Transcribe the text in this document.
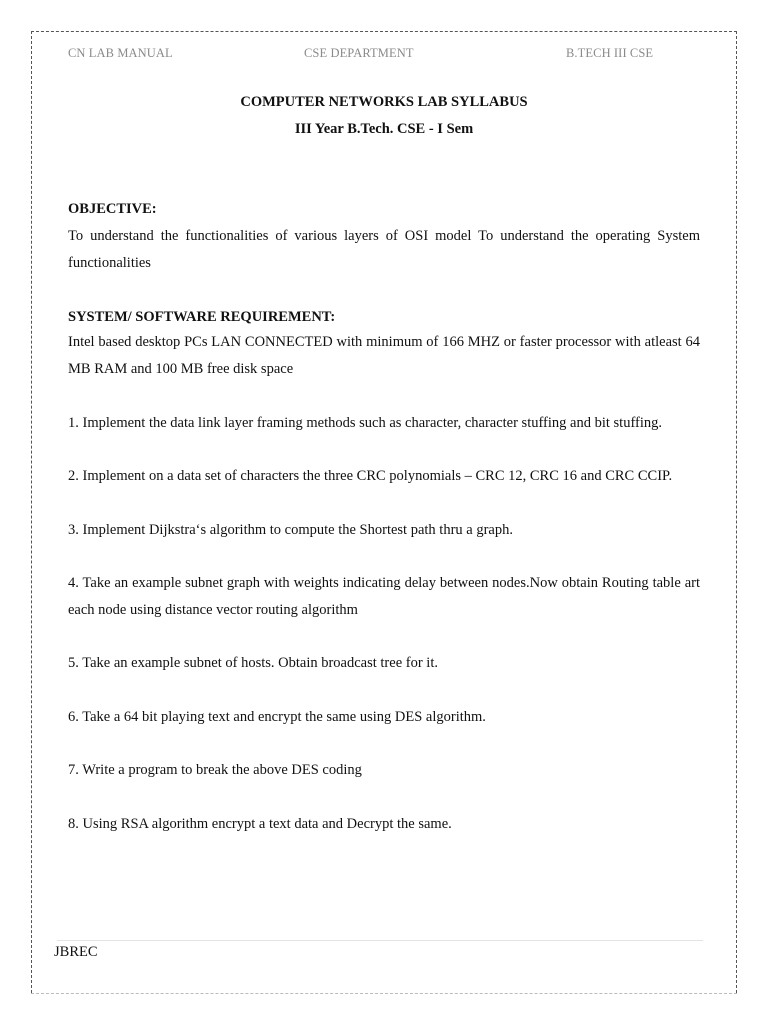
CN LAB MANUAL	CSE DEPARTMENT	B.TECH III CSE
COMPUTER NETWORKS LAB SYLLABUS
III Year B.Tech. CSE - I Sem
OBJECTIVE:
To understand the functionalities of various layers of OSI model To understand the operating System functionalities
SYSTEM/ SOFTWARE REQUIREMENT:
Intel based desktop PCs LAN CONNECTED with minimum of 166 MHZ or faster processor with atleast 64 MB RAM and 100 MB free disk space
1. Implement the data link layer framing methods such as character, character stuffing and bit stuffing.
2. Implement on a data set of characters the three CRC polynomials – CRC 12, CRC 16 and CRC CCIP.
3. Implement Dijkstra‘s algorithm to compute the Shortest path thru a graph.
4. Take an example subnet graph with weights indicating delay between nodes.Now obtain Routing table art each node using distance vector routing algorithm
5. Take an example subnet of hosts. Obtain broadcast tree for it.
6. Take a 64 bit playing text and encrypt the same using DES algorithm.
7. Write a program to break the above DES coding
8. Using RSA algorithm encrypt a text data and Decrypt the same.
JBREC
